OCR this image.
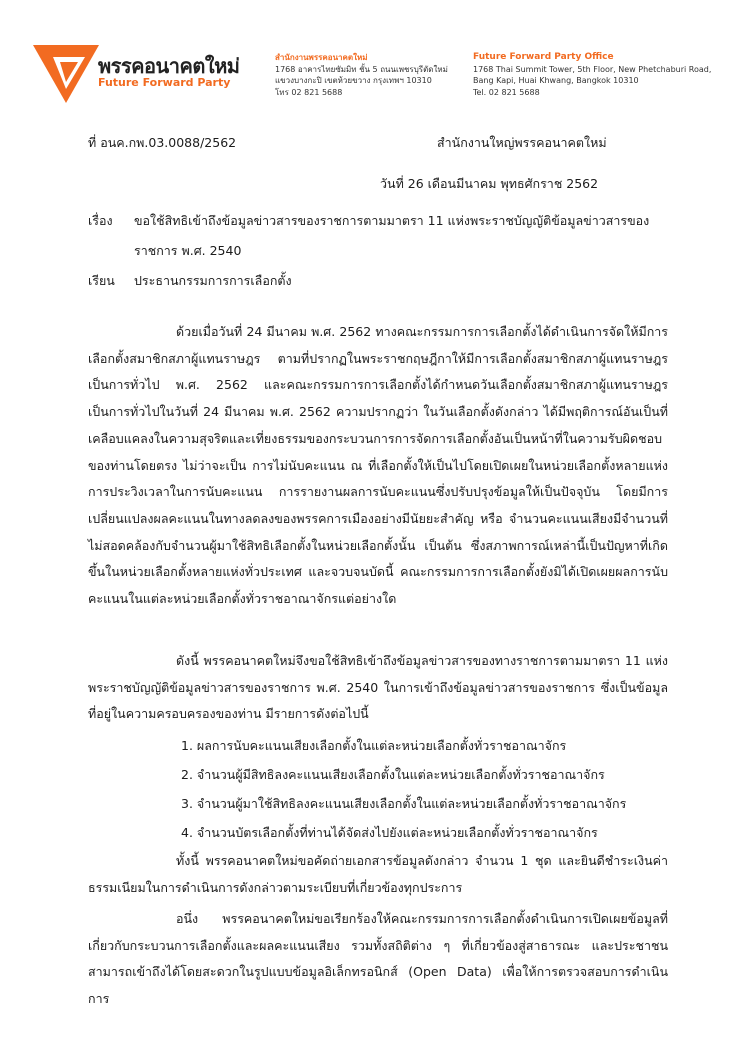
พรรคอนาคตใหม่
Future Forward Party
สำนักงานพรรคอนาคตใหม่
1768 อาคารไทยซัมมิท ชั้น 5 ถนนเพชรบุรีตัดใหม่
แขวงบางกะปิ เขตห้วยขวาง กรุงเทพฯ 10310
โทร 02 821 5688
Future Forward Party Office
1768 Thai Summit Tower, 5th Floor, New Phetchaburi Road,
Bang Kapi, Huai Khwang, Bangkok 10310
Tel. 02 821 5688
ที่ อนค.กพ.03.0088/2562	สำนักงานใหญ่พรรคอนาคตใหม่
วันที่ 26 เดือนมีนาคม พุทธศักราช 2562
เรื่อง ขอใช้สิทธิเข้าถึงข้อมูลข่าวสารของราชการตามมาตรา 11 แห่งพระราชบัญญัติข้อมูลข่าวสารของ
ราชการ พ.ศ. 2540
เรียน ประธานกรรมการการเลือกตั้ง
ด้วยเมื่อวันที่ 24 มีนาคม พ.ศ. 2562 ทางคณะกรรมการการเลือกตั้งได้ดำเนินการจัดให้มีการเลือกตั้งสมาชิกสภาผู้แทนราษฎร ตามที่ปรากฏในพระราชกฤษฎีกาให้มีการเลือกตั้งสมาชิกสภาผู้แทนราษฎรเป็นการทั่วไป พ.ศ. 2562 และคณะกรรมการการเลือกตั้งได้กำหนดวันเลือกตั้งสมาชิกสภาผู้แทนราษฎรเป็นการทั่วไปในวันที่ 24 มีนาคม พ.ศ. 2562 ความปรากฏว่า ในวันเลือกตั้งดังกล่าว ได้มีพฤติการณ์อันเป็นที่เคลือบแคลงในความสุจริตและเที่ยงธรรมของกระบวนการการจัดการเลือกตั้งอันเป็นหน้าที่ในความรับผิดชอบของท่านโดยตรง ไม่ว่าจะเป็น การไม่นับคะแนน ณ ที่เลือกตั้งให้เป็นไปโดยเปิดเผยในหน่วยเลือกตั้งหลายแห่ง การประวิงเวลาในการนับคะแนน การรายงานผลการนับคะแนนซึ่งปรับปรุงข้อมูลให้เป็นปัจจุบัน โดยมีการเปลี่ยนแปลงผลคะแนนในทางลดลงของพรรคการเมืองอย่างมีนัยยะสำคัญ หรือ จำนวนคะแนนเสียงมีจำนวนที่ไม่สอดคล้องกับจำนวนผู้มาใช้สิทธิเลือกตั้งในหน่วยเลือกตั้งนั้น เป็นต้น ซึ่งสภาพการณ์เหล่านี้เป็นปัญหาที่เกิดขึ้นในหน่วยเลือกตั้งหลายแห่งทั่วประเทศ และจวบจนบัดนี้ คณะกรรมการการเลือกตั้งยังมิได้เปิดเผยผลการนับคะแนนในแต่ละหน่วยเลือกตั้งทั่วราชอาณาจักรแต่อย่างใด
ดังนี้ พรรคอนาคตใหม่จึงขอใช้สิทธิเข้าถึงข้อมูลข่าวสารของทางราชการตามมาตรา 11 แห่งพระราชบัญญัติข้อมูลข่าวสารของราชการ พ.ศ. 2540 ในการเข้าถึงข้อมูลข่าวสารของราชการ ซึ่งเป็นข้อมูลที่อยู่ในความครอบครองของท่าน มีรายการดังต่อไปนี้
1. ผลการนับคะแนนเสียงเลือกตั้งในแต่ละหน่วยเลือกตั้งทั่วราชอาณาจักร
2. จำนวนผู้มีสิทธิลงคะแนนเสียงเลือกตั้งในแต่ละหน่วยเลือกตั้งทั่วราชอาณาจักร
3. จำนวนผู้มาใช้สิทธิลงคะแนนเสียงเลือกตั้งในแต่ละหน่วยเลือกตั้งทั่วราชอาณาจักร
4. จำนวนบัตรเลือกตั้งที่ท่านได้จัดส่งไปยังแต่ละหน่วยเลือกตั้งทั่วราชอาณาจักร
ทั้งนี้ พรรคอนาคตใหม่ขอคัดถ่ายเอกสารข้อมูลดังกล่าว จำนวน 1 ชุด และยินดีชำระเงินค่าธรรมเนียมในการดำเนินการดังกล่าวตามระเบียบที่เกี่ยวข้องทุกประการ
อนึ่ง พรรคอนาคตใหม่ขอเรียกร้องให้คณะกรรมการการเลือกตั้งดำเนินการเปิดเผยข้อมูลที่เกี่ยวกับกระบวนการเลือกตั้งและผลคะแนนเสียง รวมทั้งสถิติต่าง ๆ ที่เกี่ยวข้องสู่สาธารณะ และประชาชนสามารถเข้าถึงได้โดยสะดวกในรูปแบบข้อมูลอิเล็กทรอนิกส์ (Open Data) เพื่อให้การตรวจสอบการดำเนินการ
